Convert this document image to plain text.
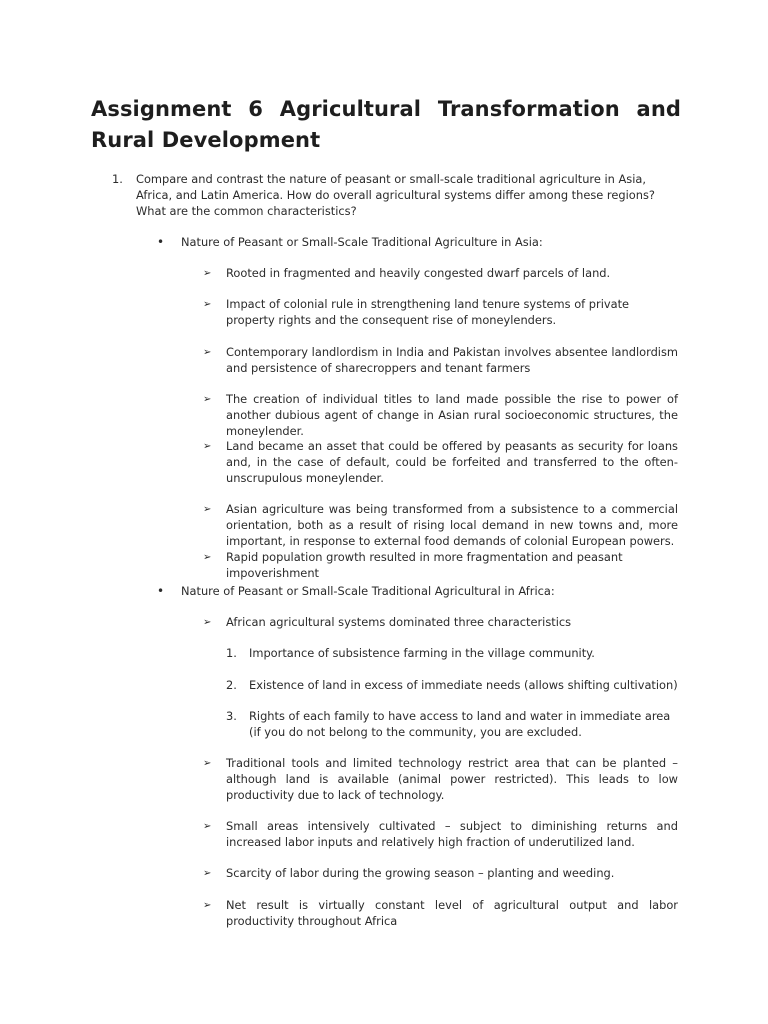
Assignment 6 Agricultural Transformation and Rural Development
1. Compare and contrast the nature of peasant or small-scale traditional agriculture in Asia, Africa, and Latin America. How do overall agricultural systems differ among these regions? What are the common characteristics?
• Nature of Peasant or Small-Scale Traditional Agriculture in Asia:
➢ Rooted in fragmented and heavily congested dwarf parcels of land.
➢ Impact of colonial rule in strengthening land tenure systems of private property rights and the consequent rise of moneylenders.
➢ Contemporary landlordism in India and Pakistan involves absentee landlordism and persistence of sharecroppers and tenant farmers
➢ The creation of individual titles to land made possible the rise to power of another dubious agent of change in Asian rural socioeconomic structures, the moneylender.
➢ Land became an asset that could be offered by peasants as security for loans and, in the case of default, could be forfeited and transferred to the often-unscrupulous moneylender.
➢ Asian agriculture was being transformed from a subsistence to a commercial orientation, both as a result of rising local demand in new towns and, more important, in response to external food demands of colonial European powers.
➢ Rapid population growth resulted in more fragmentation and peasant impoverishment
• Nature of Peasant or Small-Scale Traditional Agricultural in Africa:
➢ African agricultural systems dominated three characteristics
1. Importance of subsistence farming in the village community.
2. Existence of land in excess of immediate needs (allows shifting cultivation)
3. Rights of each family to have access to land and water in immediate area (if you do not belong to the community, you are excluded.
➢ Traditional tools and limited technology restrict area that can be planted – although land is available (animal power restricted). This leads to low productivity due to lack of technology.
➢ Small areas intensively cultivated – subject to diminishing returns and increased labor inputs and relatively high fraction of underutilized land.
➢ Scarcity of labor during the growing season – planting and weeding.
➢ Net result is virtually constant level of agricultural output and labor productivity throughout Africa
